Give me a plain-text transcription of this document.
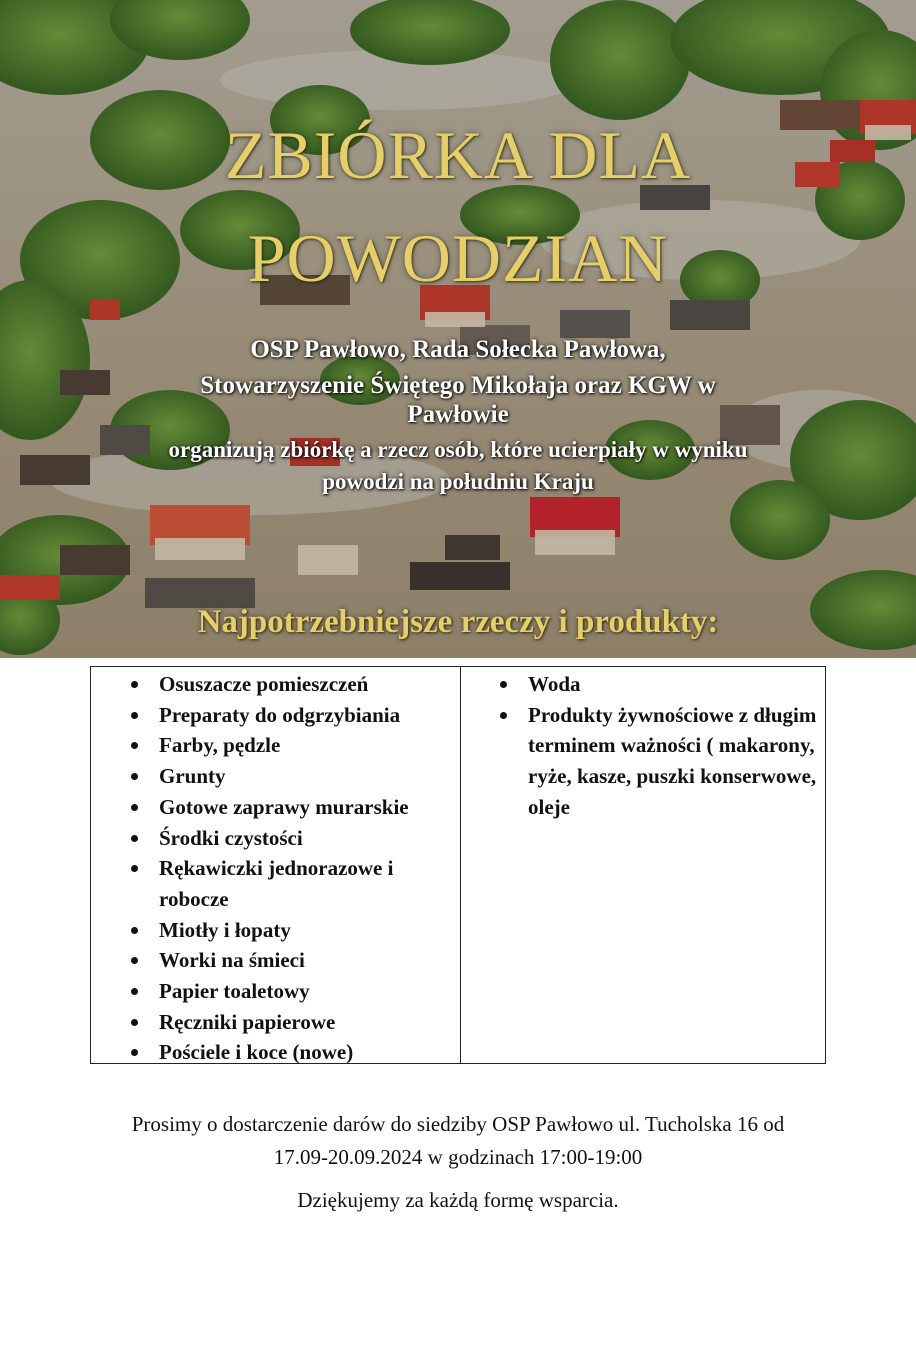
ZBIÓRKA DLA
POWODZIAN
OSP Pawłowo, Rada Sołecka Pawłowa,

Stowarzyszenie Świętego Mikołaja oraz KGW w
Pawłowie
organizują zbiórkę a rzecz osób, które ucierpiały w wyniku
powodzi na południu Kraju
Najpotrzebniejsze rzeczy i produkty:
Osuszacze pomieszczeń
Preparaty do odgrzybiania
Farby, pędzle
Grunty
Gotowe zaprawy murarskie
Środki czystości
Rękawiczki jednorazowe i robocze
Miotły i łopaty
Worki na śmieci
Papier toaletowy
Ręczniki papierowe
Pościele i koce (nowe)
Woda
Produkty żywnościowe z długim terminem ważności ( makarony, ryże, kasze, puszki konserwowe, oleje

Prosimy o dostarczenie darów do siedziby OSP Pawłowo ul. Tucholska 16 od
17.09-20.09.2024 w godzinach 17:00-19:00

Dziękujemy za każdą formę wsparcia.
